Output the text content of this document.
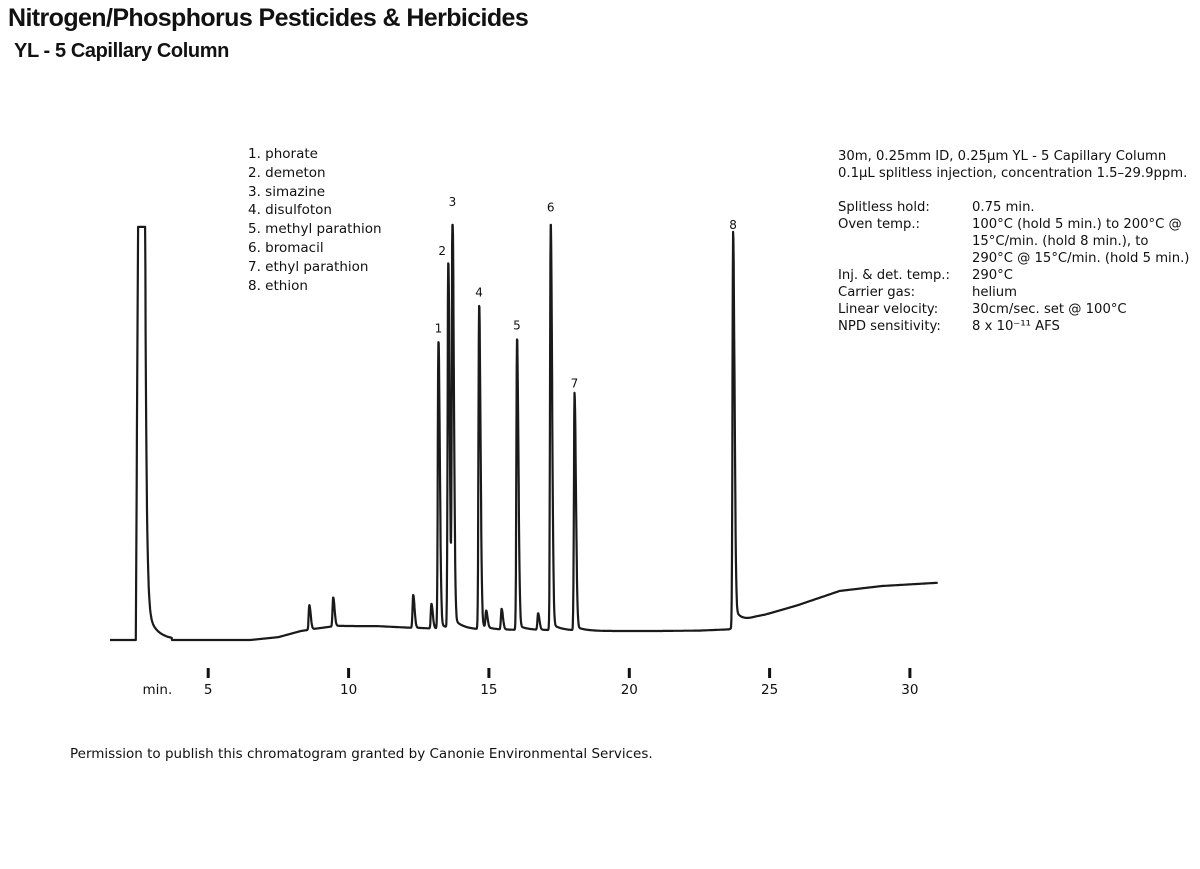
Nitrogen/Phosphorus Pesticides & Herbicides
YL - 5 Capillary Column
1. phorate
2. demeton
3. simazine
4. disulfoton
5. methyl parathion
6. bromacil
7. ethyl parathion
8. ethion
30m, 0.25mm ID, 0.25μm YL - 5 Capillary Column
0.1μL splitless injection, concentration 1.5–29.9ppm.
Splitless hold:	0.75 min.

Oven temp.:	100°C (hold 5 min.) to 200°C @
15°C/min. (hold 8 min.), to
290°C @ 15°C/min. (hold 5 min.)

Inj. & det. temp.:	290°C

Carrier gas:	helium

Linear velocity:	30cm/sec. set @ 100°C

NPD sensitivity:	8 x 10⁻¹¹ AFS
min. 5	10	15	20	25	30
1
2
3
4
5
6
7
8

Permission to publish this chromatogram granted by Canonie Environmental Services.
